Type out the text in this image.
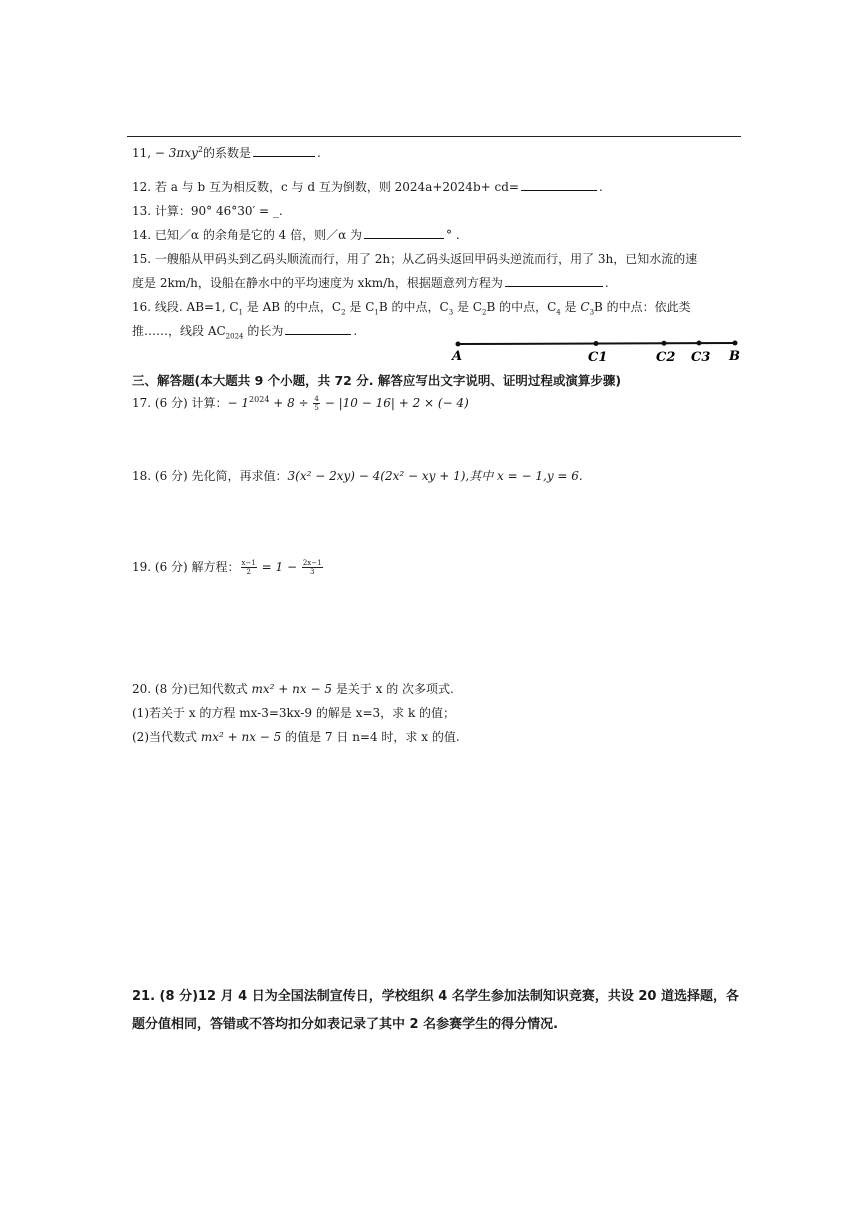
11, − 3πxy$^2$的系数是	.
12. 若 a 与 b 互为相反数，c 与 d 互为倒数，则 2024a+2024b+ cd=	.
13. 计算：90° 46°30′ = _.
14. 已知／α 的余角是它的 4 倍，则／α 为	° .
15. 一艘船从甲码头到乙码头顺流而行，用了 2h；从乙码头返回甲码头逆流而行，用了 3h，已知水流的速
度是 2km/h，设船在静水中的平均速度为 xkm/h，根据题意列方程为	.
16. 线段. AB=1, $C_1$ 是 AB 的中点，$C_2$ 是 $C_1B$ 的中点，$C_3$ 是 $C_2B$ 的中点，$C_4$ 是 $C_3B$ 的中点：依此类
推……，线段 $AC_{2024}$ 的长为	.
A	C1	C2 C3 B
三、解答题(本大题共 9 个小题，共 72 分. 解答应写出文字说明、证明过程或演算步骤)
17. (6 分) 计算：− $1^{2024} + 8 \div \frac{4}{5} - |10 - 16| + 2$ × (− 4)
18. (6 分) 先化简，再求值：3(x² − 2xy) − 4(2x² − xy + 1),其中 x = − 1,y = 6.
19. (6 分) 解方程： $\frac{x-1}{2} = 1 - \frac{2x-1}{3}$
20. (8 分)已知代数式 mx² + nx − 5 是关于 x 的 次多项式.
(1)若关于 x 的方程 mx-3=3kx-9 的解是 x=3，求 k 的值；
(2)当代数式 mx² + nx − 5 的值是 7 日 n=4 时，求 x 的值.
21. (8 分)12 月 4 日为全国法制宣传日，学校组织 4 名学生参加法制知识竞赛，共设 20 道选择题，各
题分值相同，答错或不答均扣分如表记录了其中 2 名参赛学生的得分情况.
